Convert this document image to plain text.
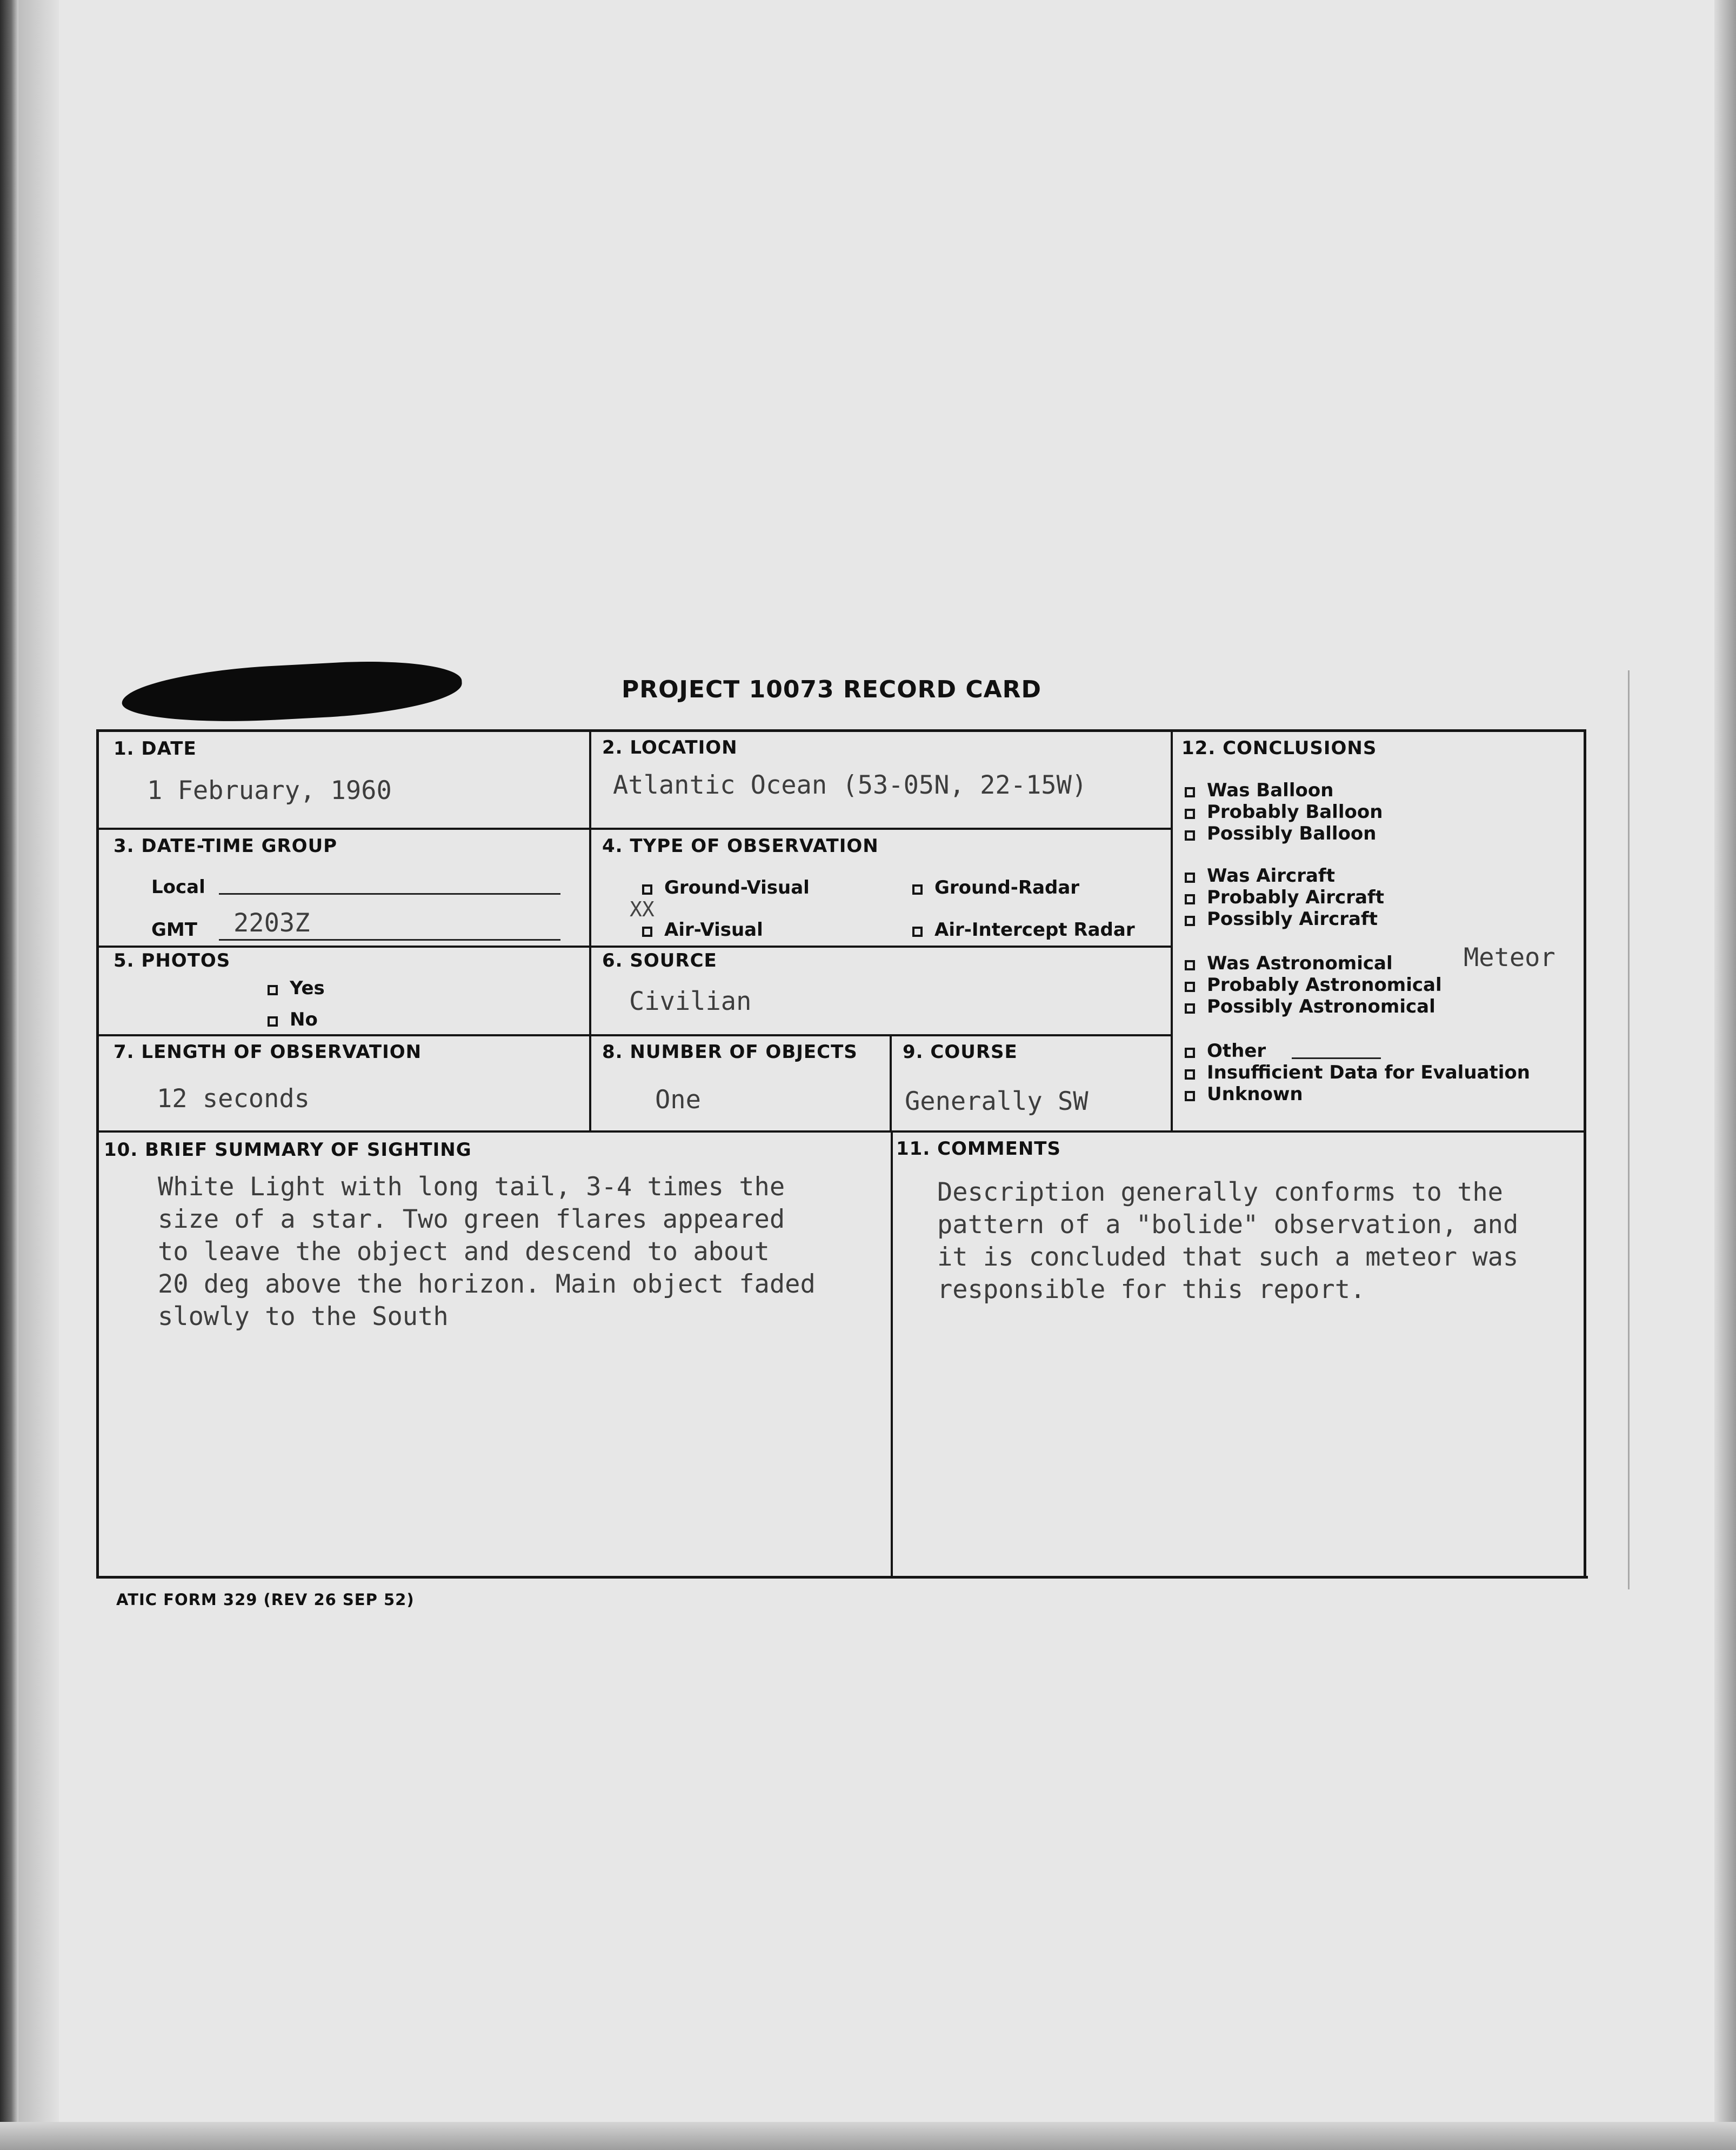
PROJECT 10073 RECORD CARD
1. DATE
1 February, 1960
2. LOCATION
Atlantic Ocean (53-05N, 22-15W)
3. DATE-TIME GROUP
Local
GMT 2203Z
4. TYPE OF OBSERVATION
Ground-Visual	Ground-Radar
XX
Air-Visual	Air-Intercept Radar
5. PHOTOS
Yes
No
6. SOURCE
Civilian
7. LENGTH OF OBSERVATION
12 seconds
8. NUMBER OF OBJECTS
One
9. COURSE
Generally SW
10. BRIEF SUMMARY OF SIGHTING
White Light with long tail, 3-4 times the
size of a star. Two green flares appeared
to leave the object and descend to about
20 deg above the horizon. Main object faded
slowly to the South
11. COMMENTS
Description generally conforms to the
pattern of a "bolide" observation, and
it is concluded that such a meteor was
responsible for this report.
12. CONCLUSIONS
Was Balloon
Probably Balloon
Possibly Balloon
Was Aircraft
Probably Aircraft
Possibly Aircraft
Was Astronomical	Meteor
Probably Astronomical
Possibly Astronomical
Other
Insufficient Data for Evaluation
Unknown
ATIC FORM 329 (REV 26 SEP 52)
